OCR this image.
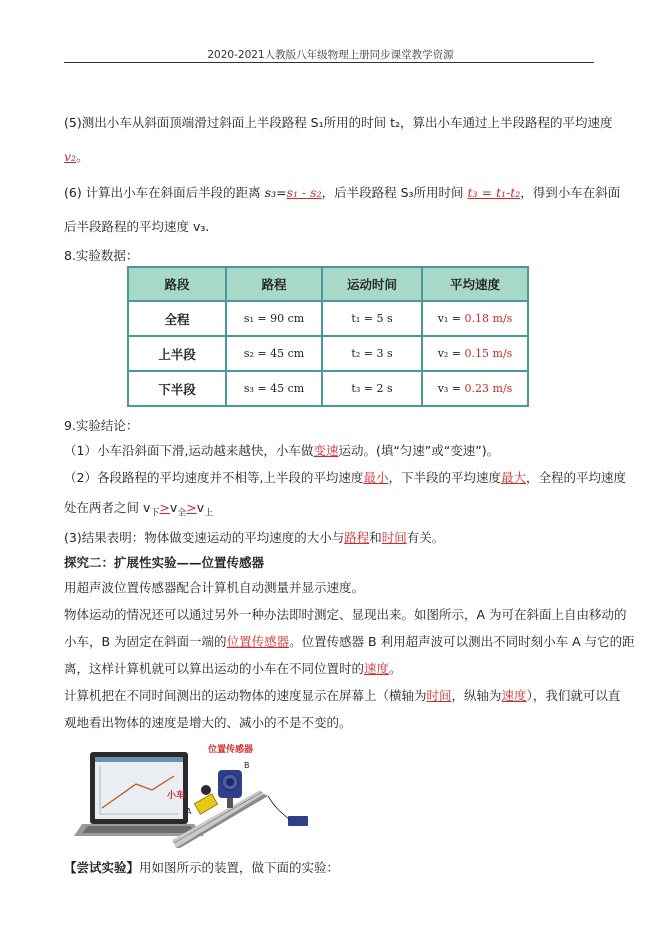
2020-2021人教版八年级物理上册同步课堂教学资源
(5)测出小车从斜面顶端滑过斜面上半段路程 S₁所用的时间 t₂，算出小车通过上半段路程的平均速度
v₂。
(6) 计算出小车在斜面后半段的距离 s₃=s₁ - s₂，后半段路程 S₃所用时间 t₃ = t₁-t₂，得到小车在斜面
后半段路程的平均速度 v₃.
8.实验数据：
路段	路程	运动时间	平均速度
全程	s₁ = 90 cm	t₁ = 5 s	v₁ = 0.18 m/s
上半段	s₂ = 45 cm	t₂ = 3 s	v₂ = 0.15 m/s
下半段	s₃ = 45 cm	t₃ = 2 s	v₃ = 0.23 m/s
9.实验结论：
（1）小车沿斜面下滑,运动越来越快，小车做变速运动。(填“匀速”或“变速”)。
（2）各段路程的平均速度并不相等,上半段的平均速度最小，下半段的平均速度最大，全程的平均速度
处在两者之间 $v_下>v_全>v_上$
(3)结果表明：物体做变速运动的平均速度的大小与路程和时间有关。
探究二：扩展性实验——位置传感器
用超声波位置传感器配合计算机自动测量并显示速度。
物体运动的情况还可以通过另外一种办法即时测定、显现出来。如图所示，A 为可在斜面上自由移动的
小车，B 为固定在斜面一端的位置传感器。位置传感器 B 利用超声波可以测出不同时刻小车 A 与它的距
离，这样计算机就可以算出运动的小车在不同位置时的速度。
计算机把在不同时间测出的运动物体的速度显示在屏幕上（横轴为时间，纵轴为速度），我们就可以直
观地看出物体的速度是增大的、减小的不是不变的。
位置传感器
小车
B
A
【尝试实验】用如图所示的装置，做下面的实验：
